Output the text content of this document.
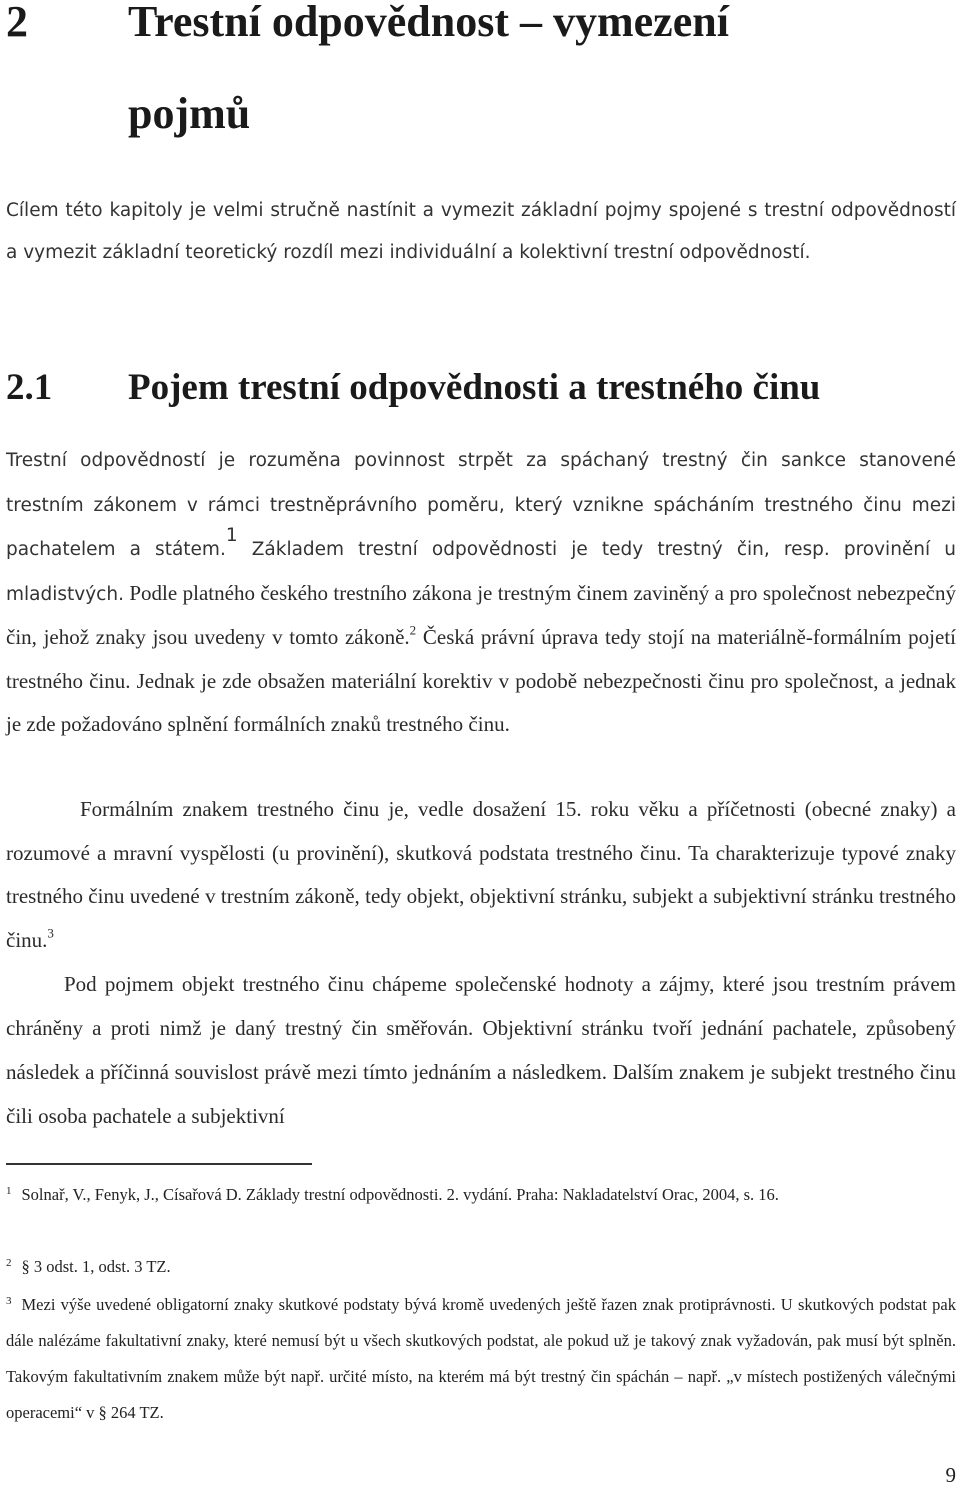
2 Trestní odpovědnost – vymezení
pojmů

Cílem této kapitoly je velmi stručně nastínit a vymezit základní pojmy spojené s trestní odpovědností a vymezit základní teoretický rozdíl mezi individuální a kolektivní trestní odpovědností.

2.1 Pojem trestní odpovědnosti a trestného činu

Trestní odpovědností je rozuměna povinnost strpět za spáchaný trestný čin sankce stanovené trestním zákonem v rámci trestněprávního poměru, který vznikne spácháním trestného činu mezi pachatelem a státem.$^1$ Základem trestní odpovědnosti je tedy trestný čin, resp. provinění u mladistvých. Podle platného českého trestního zákona je trestným činem zaviněný a pro společnost nebezpečný čin, jehož znaky jsou uvedeny v tomto zákoně.$^2$ Česká právní úprava tedy stojí na materiálně-formálním pojetí trestného činu. Jednak je zde obsažen materiální korektiv v podobě nebezpečnosti činu pro společnost, a jednak je zde požadováno splnění formálních znaků trestného činu.

Formálním znakem trestného činu je, vedle dosažení 15. roku věku a příčetnosti (obecné znaky) a rozumové a mravní vyspělosti (u provinění), skutková podstata trestného činu. Ta charakterizuje typové znaky trestného činu uvedené v trestním zákoně, tedy objekt, objektivní stránku, subjekt a subjektivní stránku trestného činu.$^3$

Pod pojmem objekt trestného činu chápeme společenské hodnoty a zájmy, které jsou trestním právem chráněny a proti nimž je daný trestný čin směřován. Objektivní stránku tvoří jednání pachatele, způsobený následek a příčinná souvislost právě mezi tímto jednáním a následkem. Dalším znakem je subjekt trestného činu čili osoba pachatele a subjektivní

$^1$ Solnař, V., Fenyk, J., Císařová D. Základy trestní odpovědnosti. 2. vydání. Praha: Nakladatelství Orac, 2004, s. 16.
$^2$ § 3 odst. 1, odst. 3 TZ.
$^3$ Mezi výše uvedené obligatorní znaky skutkové podstaty bývá kromě uvedených ještě řazen znak protiprávnosti. U skutkových podstat pak dále nalézáme fakultativní znaky, které nemusí být u všech skutkových podstat, ale pokud už je takový znak vyžadován, pak musí být splněn. Takovým fakultativním znakem může být např. určité místo, na kterém má být trestný čin spáchán – např. „v místech postižených válečnými operacemi“ v § 264 TZ.
9
